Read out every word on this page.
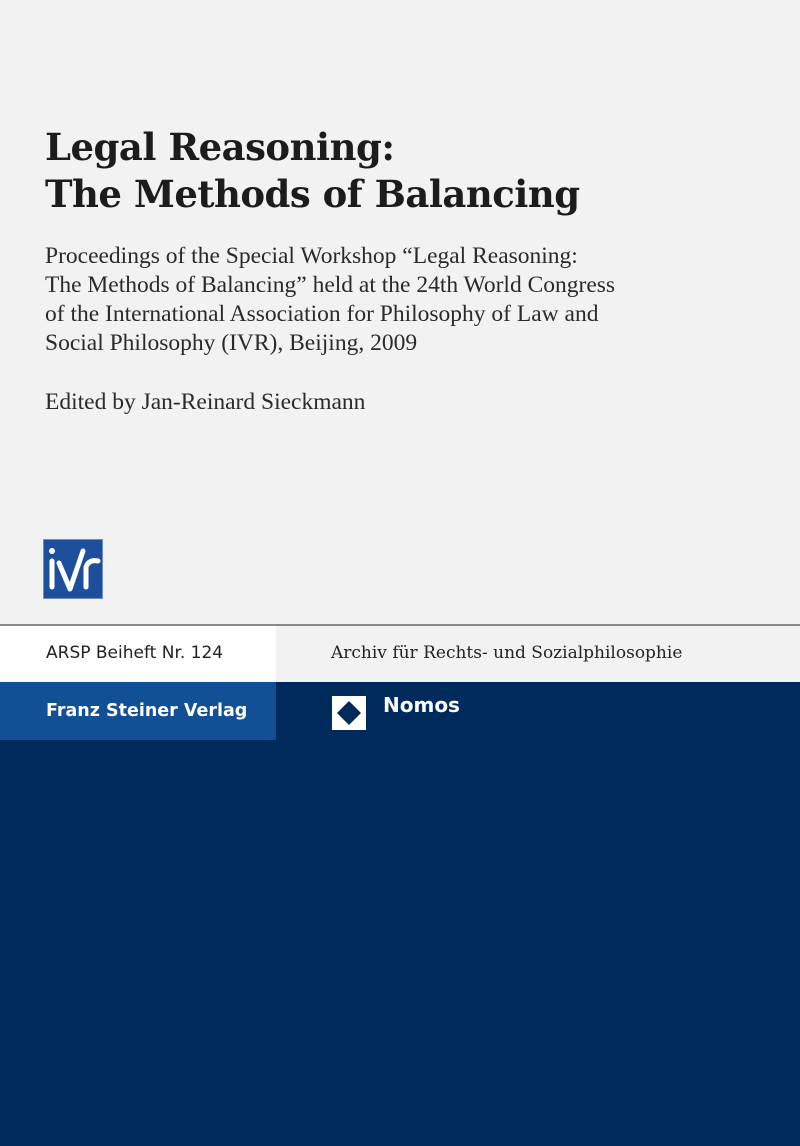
Legal Reasoning:
The Methods of Balancing

Proceedings of the Special Workshop “Legal Reasoning:
The Methods of Balancing” held at the 24th World Congress
of the International Association for Philosophy of Law and
Social Philosophy (IVR), Beijing, 2009

Edited by Jan-Reinard Sieckmann

ARSP Beiheft Nr. 124	Archiv für Rechts- und Sozialphilosophie
Franz Steiner Verlag	Nomos
